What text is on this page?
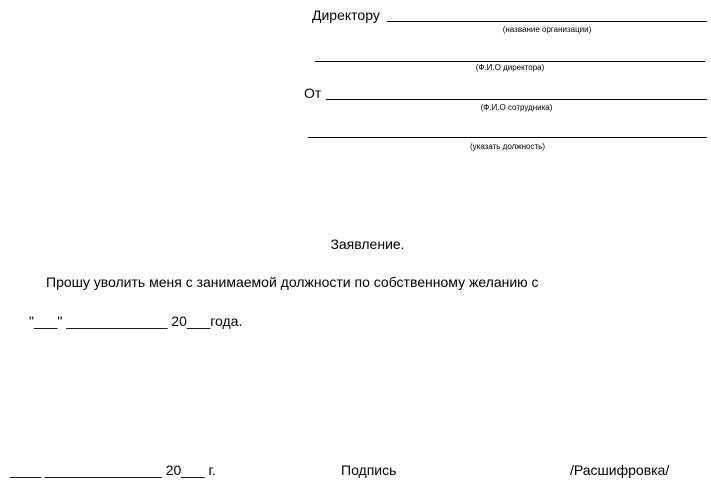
Директору
(название организации)
(Ф.И.О директора)
От
(Ф.И.О сотрудника)
(указать должность)
Заявление.
Прошу уволить меня с занимаемой должности по собственному желанию с
"___" _____________ 20___года.
____ _______________ 20___ г.	Подпись	/Расшифровка/
